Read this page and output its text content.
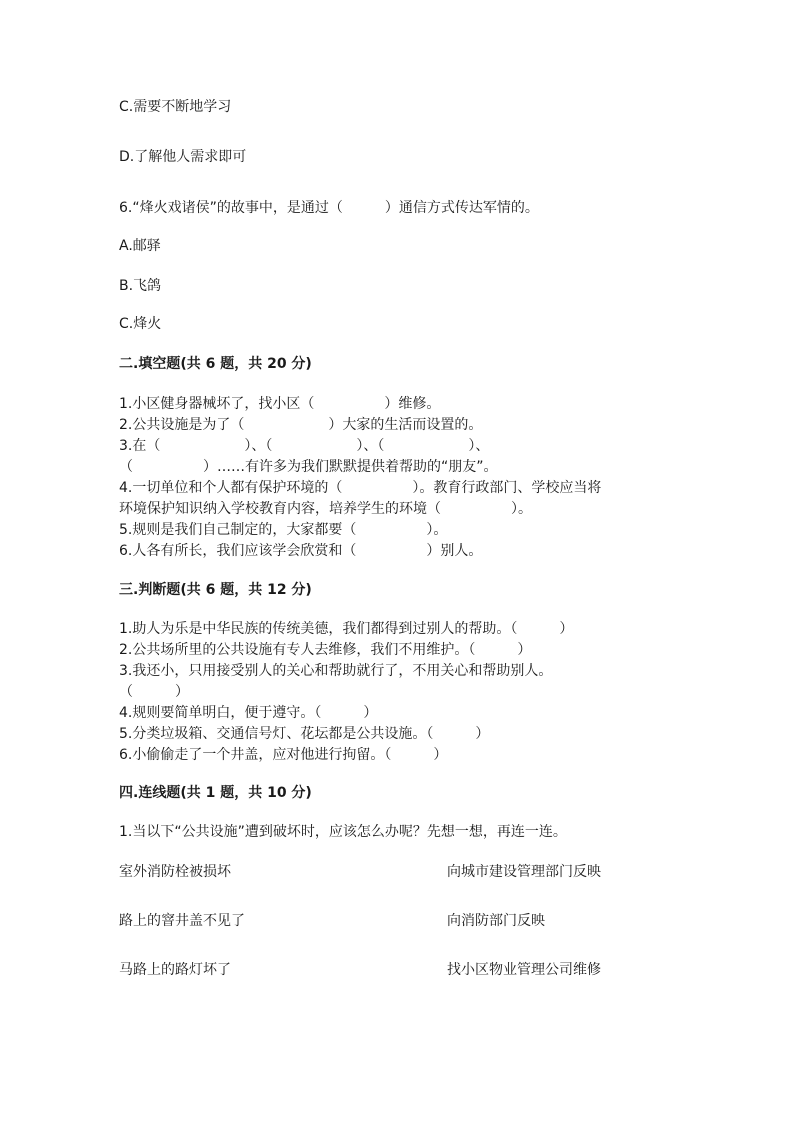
C.需要不断地学习
D.了解他人需求即可
6.“烽火戏诸侯”的故事中，是通过（　　　）通信方式传达军情的。
A.邮驿
B.飞鸽
C.烽火
二.填空题(共 6 题，共 20 分)
1.小区健身器械坏了，找小区（　　　　　）维修。
2.公共设施是为了（　　　　　　）大家的生活而设置的。
3.在（　　　　　　）、（　　　　　　）、（　　　　　　）、
（　　　　　）……有许多为我们默默提供着帮助的“朋友”。
4.一切单位和个人都有保护环境的（　　　　　）。教育行政部门、学校应当将
环境保护知识纳入学校教育内容，培养学生的环境（　　　　　）。
5.规则是我们自己制定的，大家都要（　　　　　）。
6.人各有所长，我们应该学会欣赏和（　　　　　）别人。
三.判断题(共 6 题，共 12 分)
1.助人为乐是中华民族的传统美德，我们都得到过别人的帮助。（　　　）
2.公共场所里的公共设施有专人去维修，我们不用维护。（　　　）
3.我还小，只用接受别人的关心和帮助就行了，不用关心和帮助别人。
（　　　）
4.规则要简单明白，便于遵守。（　　　）
5.分类垃圾箱、交通信号灯、花坛都是公共设施。（　　　）
6.小偷偷走了一个井盖，应对他进行拘留。（　　　）
四.连线题(共 1 题，共 10 分)
1.当以下“公共设施”遭到破坏时，应该怎么办呢？先想一想，再连一连。
室外消防栓被损坏	向城市建设管理部门反映
路上的窨井盖不见了	向消防部门反映
马路上的路灯坏了	找小区物业管理公司维修
